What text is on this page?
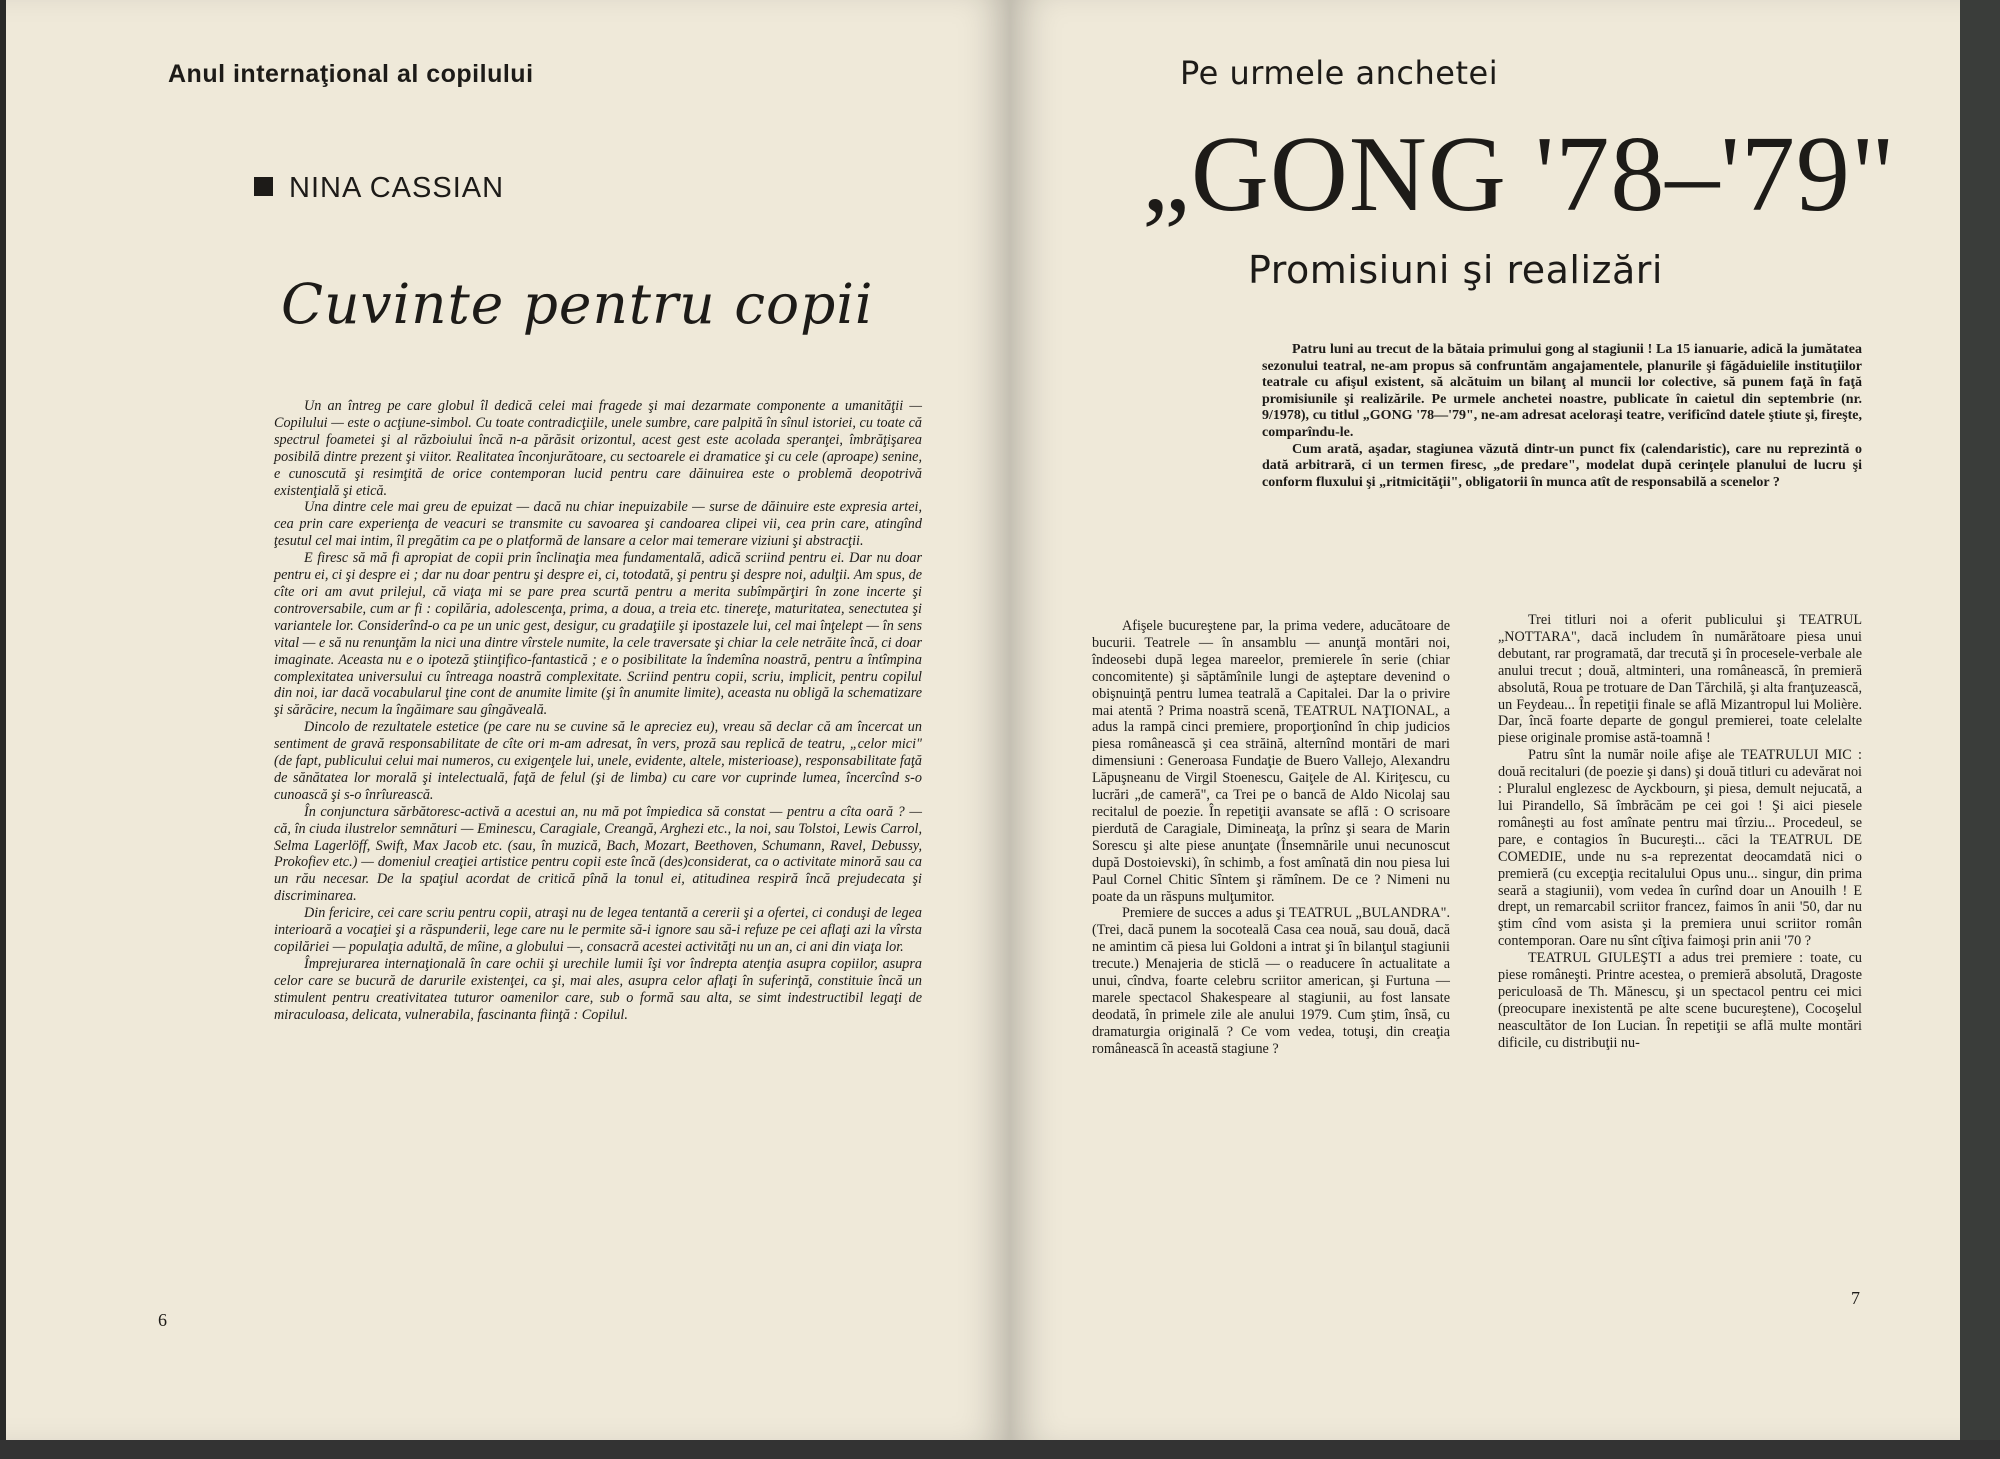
Anul internaţional al copilului
NINA CASSIAN
Cuvinte pentru copii

Un an întreg pe care globul îl dedică celei mai fragede şi mai dezarmate componente a umanităţii — Copilului — este o acţiune-simbol. Cu toate contradicţiile, unele sumbre, care palpită în sînul istoriei, cu toate că spectrul foametei şi al războiului încă n-a părăsit orizontul, acest gest este acolada speranţei, îmbrăţişarea posibilă dintre prezent şi viitor. Realitatea înconjurătoare, cu sectoarele ei dramatice şi cu cele (aproape) senine, e cunoscută şi resimţită de orice contemporan lucid pentru care dăinuirea este o problemă deopotrivă existenţială şi etică.

Una dintre cele mai greu de epuizat — dacă nu chiar inepuizabile — surse de dăinuire este expresia artei, cea prin care experienţa de veacuri se transmite cu savoarea şi candoarea clipei vii, cea prin care, atingînd ţesutul cel mai intim, îl pregătim ca pe o platformă de lansare a celor mai temerare viziuni şi abstracţii.

E firesc să mă fi apropiat de copii prin înclinaţia mea fundamentală, adică scriind pentru ei. Dar nu doar pentru ei, ci şi despre ei ; dar nu doar pentru şi despre ei, ci, totodată, şi pentru şi despre noi, adulţii. Am spus, de cîte ori am avut prilejul, că viaţa mi se pare prea scurtă pentru a merita subîmpărţiri în zone incerte şi controversabile, cum ar fi : copilăria, adolescenţa, prima, a doua, a treia etc. tinereţe, maturitatea, senectutea şi variantele lor. Considerînd-o ca pe un unic gest, desigur, cu gradaţiile şi ipostazele lui, cel mai înţelept — în sens vital — e să nu renunţăm la nici una dintre vîrstele numite, la cele traversate şi chiar la cele netrăite încă, ci doar imaginate. Aceasta nu e o ipoteză ştiinţifico-fantastică ; e o posibilitate la îndemîna noastră, pentru a întîmpina complexitatea universului cu întreaga noastră complexitate. Scriind pentru copii, scriu, implicit, pentru copilul din noi, iar dacă vocabularul ţine cont de anumite limite (şi în anumite limite), aceasta nu obligă la schematizare şi sărăcire, necum la îngăimare sau gîngăveală.

Dincolo de rezultatele estetice (pe care nu se cuvine să le apreciez eu), vreau să declar că am încercat un sentiment de gravă responsabilitate de cîte ori m-am adresat, în vers, proză sau replică de teatru, „celor mici" (de fapt, publicului celui mai numeros, cu exigenţele lui, unele, evidente, altele, misterioase), responsabilitate faţă de sănătatea lor morală şi intelectuală, faţă de felul (şi de limba) cu care vor cuprinde lumea, încercînd s-o cunoască şi s-o înrîurească.

În conjunctura sărbătoresc-activă a acestui an, nu mă pot împiedica să constat — pentru a cîta oară ? — că, în ciuda ilustrelor semnături — Eminescu, Caragiale, Creangă, Arghezi etc., la noi, sau Tolstoi, Lewis Carrol, Selma Lagerlöff, Swift, Max Jacob etc. (sau, în muzică, Bach, Mozart, Beethoven, Schumann, Ravel, Debussy, Prokofiev etc.) — domeniul creaţiei artistice pentru copii este încă (des)considerat, ca o activitate minoră sau ca un rău necesar. De la spaţiul acordat de critică pînă la tonul ei, atitudinea respiră încă prejudecata şi discriminarea.

Din fericire, cei care scriu pentru copii, atraşi nu de legea tentantă a cererii şi a ofertei, ci conduşi de legea interioară a vocaţiei şi a răspunderii, lege care nu le permite să-i ignore sau să-i refuze pe cei aflaţi azi la vîrsta copilăriei — populaţia adultă, de mîine, a globului —, consacră acestei activităţi nu un an, ci ani din viaţa lor.

Împrejurarea internaţională în care ochii şi urechile lumii îşi vor îndrepta atenţia asupra copiilor, asupra celor care se bucură de darurile existenţei, ca şi, mai ales, asupra celor aflaţi în suferinţă, constituie încă un stimulent pentru creativitatea tuturor oamenilor care, sub o formă sau alta, se simt indestructibil legaţi de miraculoasa, delicata, vulnerabila, fascinanta fiinţă : Copilul.

6
Pe urmele anchetei
„GONG '78–'79"
Promisiuni şi realizări

Patru luni au trecut de la bătaia primului gong al stagiunii ! La 15 ianuarie, adică la jumătatea sezonului teatral, ne-am propus să confruntăm angajamentele, planurile şi făgăduielile instituţiilor teatrale cu afişul existent, să alcătuim un bilanţ al muncii lor colective, să punem faţă în faţă promisiunile şi realizările. Pe urmele anchetei noastre, publicate în caietul din septembrie (nr. 9/1978), cu titlul „GONG '78—'79", ne-am adresat aceloraşi teatre, verificînd datele ştiute şi, fireşte, comparîndu-le.

Cum arată, aşadar, stagiunea văzută dintr-un punct fix (calendaristic), care nu reprezintă o dată arbitrară, ci un termen firesc, „de predare", modelat după cerinţele planului de lucru şi conform fluxului şi „ritmicităţii", obligatorii în munca atît de responsabilă a scenelor ?

Afişele bucureştene par, la prima vedere, aducătoare de bucurii. Teatrele — în ansamblu — anunţă montări noi, îndeosebi după legea mareelor, premierele în serie (chiar concomitente) şi săptămînile lungi de aşteptare devenind o obişnuinţă pentru lumea teatrală a Capitalei. Dar la o privire mai atentă ? Prima noastră scenă, TEATRUL NAŢIONAL, a adus la rampă cinci premiere, proporţionînd în chip judicios piesa românească şi cea străină, alternînd montări de mari dimensiuni : Generoasa Fundaţie de Buero Vallejo, Alexandru Lăpuşneanu de Virgil Stoenescu, Gaiţele de Al. Kiriţescu, cu lucrări „de cameră", ca Trei pe o bancă de Aldo Nicolaj sau recitalul de poezie. În repetiţii avansate se află : O scrisoare pierdută de Caragiale, Dimineaţa, la prînz şi seara de Marin Sorescu şi alte piese anunţate (Însemnările unui necunoscut după Dostoievski), în schimb, a fost amînată din nou piesa lui Paul Cornel Chitic Sîntem şi rămînem. De ce ? Nimeni nu poate da un răspuns mulţumitor.

Premiere de succes a adus şi TEATRUL „BULANDRA". (Trei, dacă punem la socoteală Casa cea nouă, sau două, dacă ne amintim că piesa lui Goldoni a intrat şi în bilanţul stagiunii trecute.) Menajeria de sticlă — o readucere în actualitate a unui, cîndva, foarte celebru scriitor american, şi Furtuna — marele spectacol Shakespeare al stagiunii, au fost lansate deodată, în primele zile ale anului 1979. Cum ştim, însă, cu dramaturgia originală ? Ce vom vedea, totuşi, din creaţia românească în această stagiune ?

Trei titluri noi a oferit publicului şi TEATRUL „NOTTARA", dacă includem în numărătoare piesa unui debutant, rar programată, dar trecută şi în procesele-verbale ale anului trecut ; două, altminteri, una românească, în premieră absolută, Roua pe trotuare de Dan Tărchilă, şi alta franţuzească, un Feydeau... În repetiţii finale se află Mizantropul lui Molière. Dar, încă foarte departe de gongul premierei, toate celelalte piese originale promise astă-toamnă !

Patru sînt la număr noile afişe ale TEATRULUI MIC : două recitaluri (de poezie şi dans) şi două titluri cu adevărat noi : Pluralul englezesc de Ayckbourn, şi piesa, demult nejucată, a lui Pirandello, Să îmbrăcăm pe cei goi ! Şi aici piesele româneşti au fost amînate pentru mai tîrziu... Procedeul, se pare, e contagios în Bucureşti... căci la TEATRUL DE COMEDIE, unde nu s-a reprezentat deocamdată nici o premieră (cu excepţia recitalului Opus unu... singur, din prima seară a stagiunii), vom vedea în curînd doar un Anouilh ! E drept, un remarcabil scriitor francez, faimos în anii '50, dar nu ştim cînd vom asista şi la premiera unui scriitor român contemporan. Oare nu sînt cîţiva faimoşi prin anii '70 ?

TEATRUL GIULEŞTI a adus trei premiere : toate, cu piese româneşti. Printre acestea, o premieră absolută, Dragoste periculoasă de Th. Mănescu, şi un spectacol pentru cei mici (preocupare inexistentă pe alte scene bucureştene), Cocoşelul neascultător de Ion Lucian. În repetiţii se află multe montări dificile, cu distribuţii nu-

7
